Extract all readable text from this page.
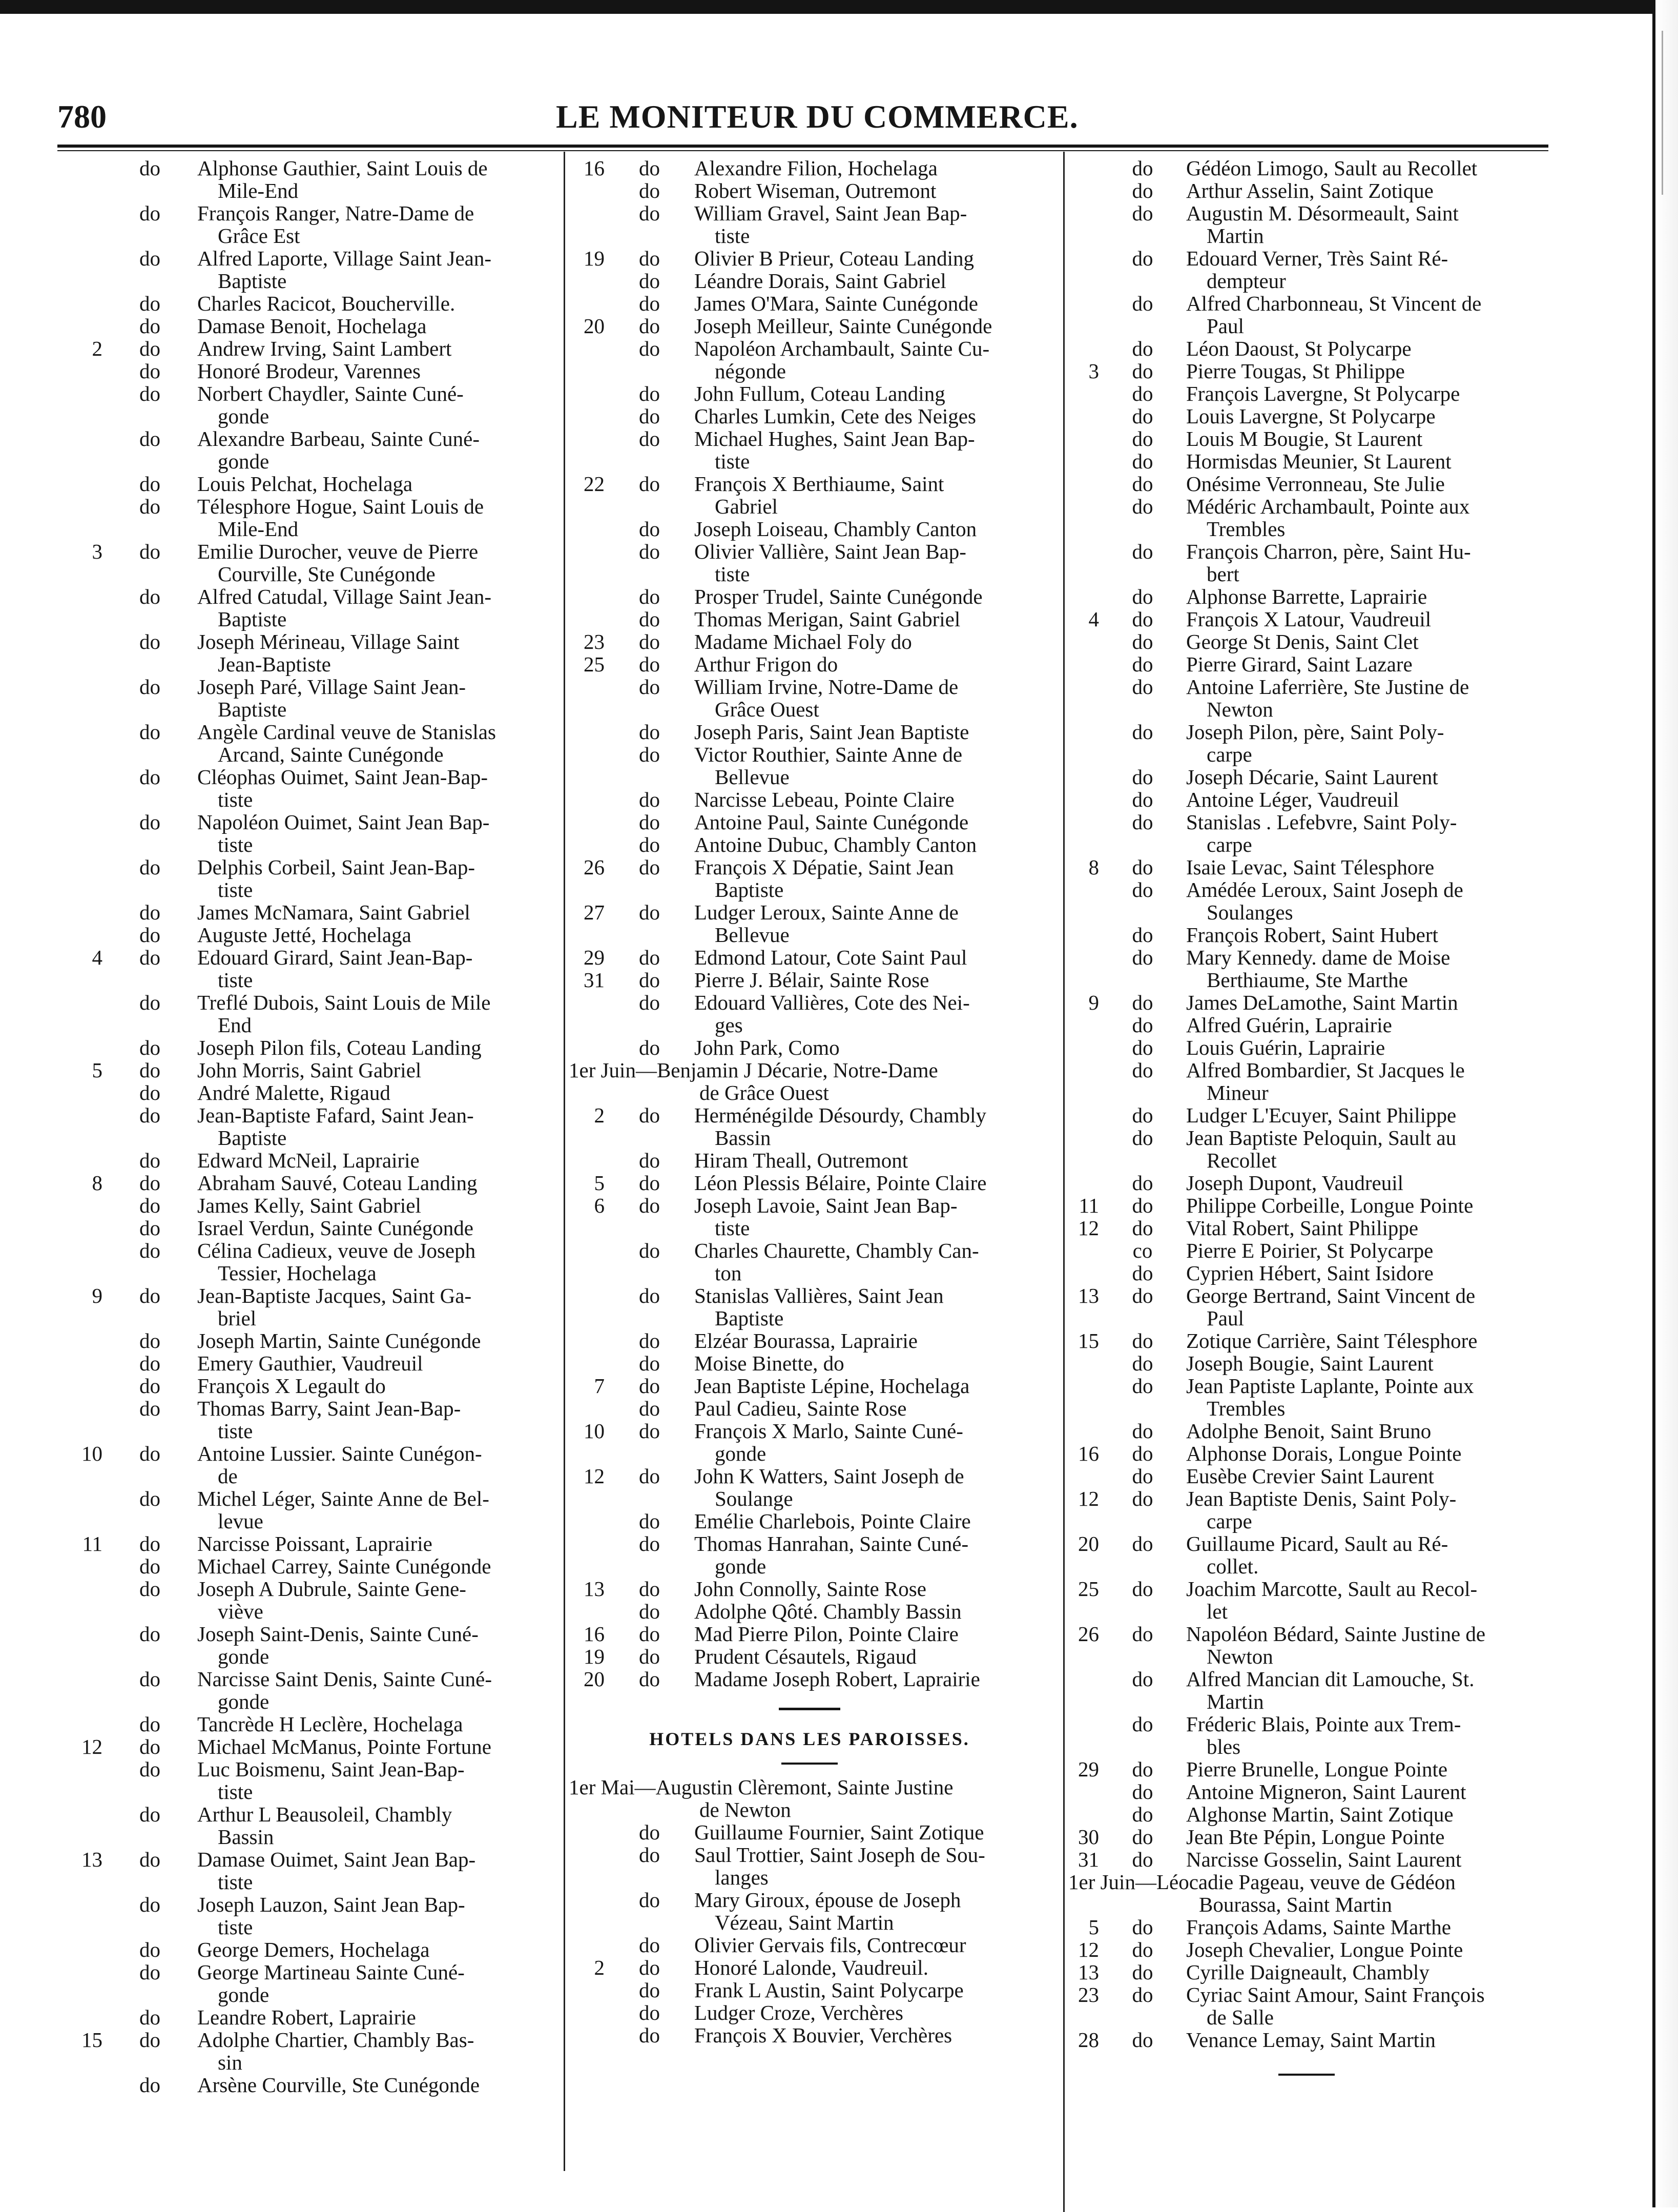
780	LE MONITEUR DU COMMERCE.
do	Alphonse Gauthier, Saint Louis de
Mile-End
do	François Ranger, Natre-Dame de
Grâce Est
do	Alfred Laporte, Village Saint Jean-
Baptiste
do	Charles Racicot, Boucherville.
do	Damase Benoit, Hochelaga
2	do	Andrew Irving, Saint Lambert
do	Honoré Brodeur, Varennes
do	Norbert Chaydler, Sainte Cuné-
gonde
do	Alexandre Barbeau, Sainte Cuné-
gonde
do	Louis Pelchat, Hochelaga
do	Télesphore Hogue, Saint Louis de
Mile-End
3	do	Emilie Durocher, veuve de Pierre
Courville, Ste Cunégonde
do	Alfred Catudal, Village Saint Jean-
Baptiste
do	Joseph Mérineau, Village Saint
Jean-Baptiste
do	Joseph Paré, Village Saint Jean-
Baptiste
do	Angèle Cardinal veuve de Stanislas
Arcand, Sainte Cunégonde
do	Cléophas Ouimet, Saint Jean-Bap-
tiste
do	Napoléon Ouimet, Saint Jean Bap-
tiste
do	Delphis Corbeil, Saint Jean-Bap-
tiste
do	James McNamara, Saint Gabriel
do	Auguste Jetté, Hochelaga
4	do	Edouard Girard, Saint Jean-Bap-
tiste
do	Treflé Dubois, Saint Louis de Mile
End
do	Joseph Pilon fils, Coteau Landing
5	do	John Morris, Saint Gabriel
do	André Malette, Rigaud
do	Jean-Baptiste Fafard, Saint Jean-
Baptiste
do	Edward McNeil, Laprairie
8	do	Abraham Sauvé, Coteau Landing
do	James Kelly, Saint Gabriel
do	Israel Verdun, Sainte Cunégonde
do	Célina Cadieux, veuve de Joseph
Tessier, Hochelaga
9	do	Jean-Baptiste Jacques, Saint Ga-
briel
do	Joseph Martin, Sainte Cunégonde
do	Emery Gauthier, Vaudreuil
do	François X Legault do
do	Thomas Barry, Saint Jean-Bap-
tiste
10	do	Antoine Lussier. Sainte Cunégon-
de
do	Michel Léger, Sainte Anne de Bel-
levue
11	do	Narcisse Poissant, Laprairie
do	Michael Carrey, Sainte Cunégonde
do	Joseph A Dubrule, Sainte Gene-
viève
do	Joseph Saint-Denis, Sainte Cuné-
gonde
do	Narcisse Saint Denis, Sainte Cuné-
gonde
do	Tancrède H Leclère, Hochelaga
12	do	Michael McManus, Pointe Fortune
do	Luc Boismenu, Saint Jean-Bap-
tiste
do	Arthur L Beausoleil, Chambly
Bassin
13	do	Damase Ouimet, Saint Jean Bap-
tiste
do	Joseph Lauzon, Saint Jean Bap-
tiste
do	George Demers, Hochelaga
do	George Martineau Sainte Cuné-
gonde
do	Leandre Robert, Laprairie
15	do	Adolphe Chartier, Chambly Bas-
sin
do	Arsène Courville, Ste Cunégonde
16	do	Alexandre Filion, Hochelaga
do	Robert Wiseman, Outremont
do	William Gravel, Saint Jean Bap-
tiste
19	do	Olivier B Prieur, Coteau Landing
do	Léandre Dorais, Saint Gabriel
do	James O'Mara, Sainte Cunégonde
20	do	Joseph Meilleur, Sainte Cunégonde
do	Napoléon Archambault, Sainte Cu-
négonde
do	John Fullum, Coteau Landing
do	Charles Lumkin, Cete des Neiges
do	Michael Hughes, Saint Jean Bap-
tiste
22	do	François X Berthiaume, Saint
Gabriel
do	Joseph Loiseau, Chambly Canton
do	Olivier Vallière, Saint Jean Bap-
tiste
do	Prosper Trudel, Sainte Cunégonde
do	Thomas Merigan, Saint Gabriel
23	do	Madame Michael Foly do
25	do	Arthur Frigon do
do	William Irvine, Notre-Dame de
Grâce Ouest
do	Joseph Paris, Saint Jean Baptiste
do	Victor Routhier, Sainte Anne de
Bellevue
do	Narcisse Lebeau, Pointe Claire
do	Antoine Paul, Sainte Cunégonde
do	Antoine Dubuc, Chambly Canton
26	do	François X Dépatie, Saint Jean
Baptiste
27	do	Ludger Leroux, Sainte Anne de
Bellevue
29	do	Edmond Latour, Cote Saint Paul
31	do	Pierre J. Bélair, Sainte Rose
do	Edouard Vallières, Cote des Nei-
ges
do	John Park, Como
1er Juin—Benjamin J Décarie, Notre-Dame
de Grâce Ouest
2	do	Herménégilde Désourdy, Chambly
Bassin
do	Hiram Theall, Outremont
5	do	Léon Plessis Bélaire, Pointe Claire
6	do	Joseph Lavoie, Saint Jean Bap-
tiste
do	Charles Chaurette, Chambly Can-
ton
do	Stanislas Vallières, Saint Jean
Baptiste
do	Elzéar Bourassa, Laprairie
do	Moise Binette, do
7	do	Jean Baptiste Lépine, Hochelaga
do	Paul Cadieu, Sainte Rose
10	do	François X Marlo, Sainte Cuné-
gonde
12	do	John K Watters, Saint Joseph de
Soulange
do	Emélie Charlebois, Pointe Claire
do	Thomas Hanrahan, Sainte Cuné-
gonde
13	do	John Connolly, Sainte Rose
do	Adolphe Qôté. Chambly Bassin
16	do	Mad Pierre Pilon, Pointe Claire
19	do	Prudent Césautels, Rigaud
20	do	Madame Joseph Robert, Laprairie
HOTELS DANS LES PAROISSES.
1er Mai—Augustin Clèremont, Sainte Justine
de Newton
do	Guillaume Fournier, Saint Zotique
do	Saul Trottier, Saint Joseph de Sou-
langes
do	Mary Giroux, épouse de Joseph
Vézeau, Saint Martin
do	Olivier Gervais fils, Contrecœur
2	do	Honoré Lalonde, Vaudreuil.
do	Frank L Austin, Saint Polycarpe
do	Ludger Croze, Verchères
do	François X Bouvier, Verchères
do	Gédéon Limogo, Sault au Recollet
do	Arthur Asselin, Saint Zotique
do	Augustin M. Désormeault, Saint
Martin
do	Edouard Verner, Très Saint Ré-
dempteur
do	Alfred Charbonneau, St Vincent de
Paul
do	Léon Daoust, St Polycarpe
3	do	Pierre Tougas, St Philippe
do	François Lavergne, St Polycarpe
do	Louis Lavergne, St Polycarpe
do	Louis M Bougie, St Laurent
do	Hormisdas Meunier, St Laurent
do	Onésime Verronneau, Ste Julie
do	Médéric Archambault, Pointe aux
Trembles
do	François Charron, père, Saint Hu-
bert
do	Alphonse Barrette, Laprairie
4	do	François X Latour, Vaudreuil
do	George St Denis, Saint Clet
do	Pierre Girard, Saint Lazare
do	Antoine Laferrière, Ste Justine de
Newton
do	Joseph Pilon, père, Saint Poly-
carpe
do	Joseph Décarie, Saint Laurent
do	Antoine Léger, Vaudreuil
do	Stanislas . Lefebvre, Saint Poly-
carpe
8	do	Isaie Levac, Saint Télesphore
do	Amédée Leroux, Saint Joseph de
Soulanges
do	François Robert, Saint Hubert
do	Mary Kennedy. dame de Moise
Berthiaume, Ste Marthe
9	do	James DeLamothe, Saint Martin
do	Alfred Guérin, Laprairie
do	Louis Guérin, Laprairie
do	Alfred Bombardier, St Jacques le
Mineur
do	Ludger L'Ecuyer, Saint Philippe
do	Jean Baptiste Peloquin, Sault au
Recollet
do	Joseph Dupont, Vaudreuil
11	do	Philippe Corbeille, Longue Pointe
12	do	Vital Robert, Saint Philippe
co	Pierre E Poirier, St Polycarpe
do	Cyprien Hébert, Saint Isidore
13	do	George Bertrand, Saint Vincent de
Paul
15	do	Zotique Carrière, Saint Télesphore
do	Joseph Bougie, Saint Laurent
do	Jean Paptiste Laplante, Pointe aux
Trembles
do	Adolphe Benoit, Saint Bruno
16	do	Alphonse Dorais, Longue Pointe
do	Eusèbe Crevier Saint Laurent
12	do	Jean Baptiste Denis, Saint Poly-
carpe
20	do	Guillaume Picard, Sault au Ré-
collet.
25	do	Joachim Marcotte, Sault au Recol-
let
26	do	Napoléon Bédard, Sainte Justine de
Newton
do	Alfred Mancian dit Lamouche, St.
Martin
do	Fréderic Blais, Pointe aux Trem-
bles
29	do	Pierre Brunelle, Longue Pointe
do	Antoine Migneron, Saint Laurent
do	Alghonse Martin, Saint Zotique
30	do	Jean Bte Pépin, Longue Pointe
31	do	Narcisse Gosselin, Saint Laurent
1er Juin—Léocadie Pageau, veuve de Gédéon
Bourassa, Saint Martin
5	do	François Adams, Sainte Marthe
12	do	Joseph Chevalier, Longue Pointe
13	do	Cyrille Daigneault, Chambly
23	do	Cyriac Saint Amour, Saint François
de Salle
28	do	Venance Lemay, Saint Martin
